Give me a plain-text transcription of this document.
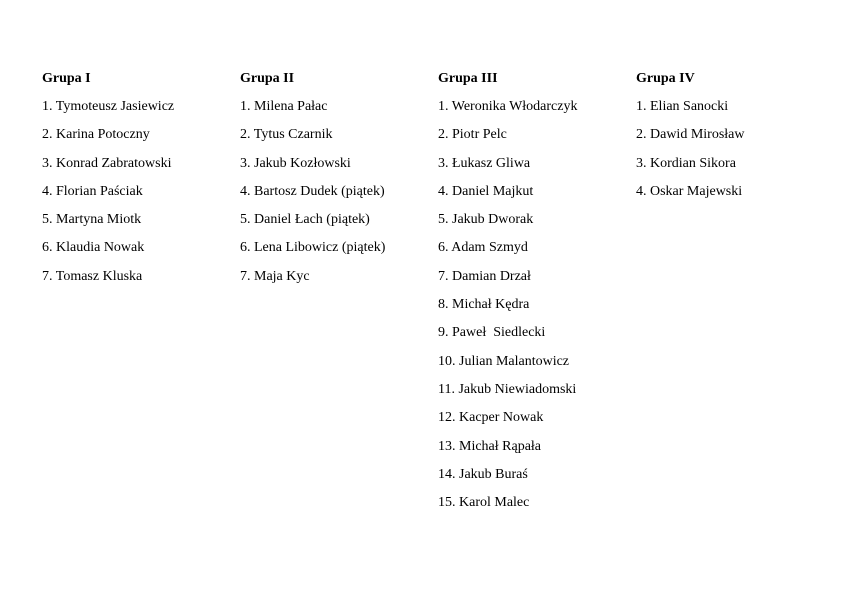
Grupa I
1. Tymoteusz Jasiewicz
2. Karina Potoczny
3. Konrad Zabratowski
4. Florian Paściak
5. Martyna Miotk
6. Klaudia Nowak
7. Tomasz Kluska
Grupa II
1. Milena Pałac
2. Tytus Czarnik
3. Jakub Kozłowski
4. Bartosz Dudek (piątek)
5. Daniel Łach (piątek)
6. Lena Libowicz (piątek)
7. Maja Kyc
Grupa III
1. Weronika Włodarczyk
2. Piotr Pelc
3. Łukasz Gliwa
4. Daniel Majkut
5. Jakub Dworak
6. Adam Szmyd
7. Damian Drzał
8. Michał Kędra
9. Paweł  Siedlecki
10. Julian Malantowicz
11. Jakub Niewiadomski
12. Kacper Nowak
13. Michał Rąpała
14. Jakub Buraś
15. Karol Malec
Grupa IV
1. Elian Sanocki
2. Dawid Mirosław
3. Kordian Sikora
4. Oskar Majewski
